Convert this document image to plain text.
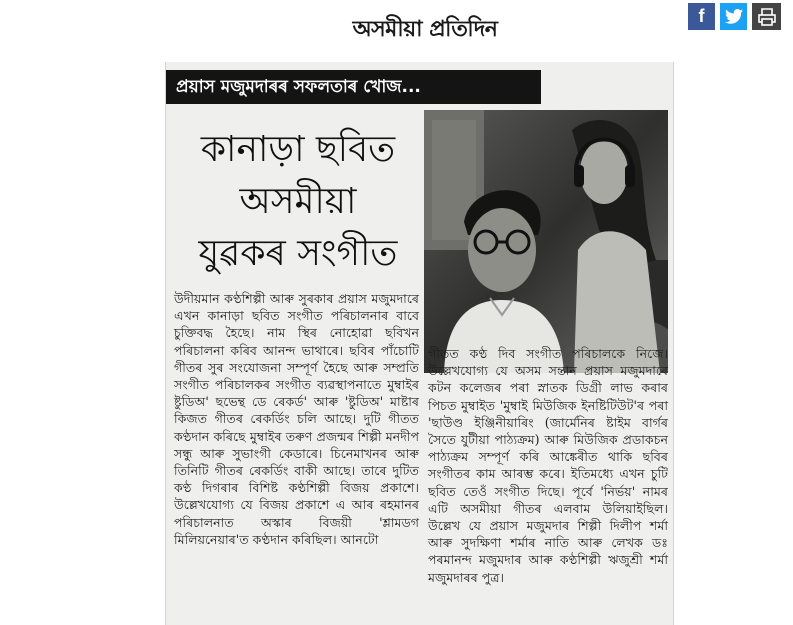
অসমীয়া প্ৰতিদিন	f
প্ৰয়াস মজুমদাৰৰ সফলতাৰ খোজ...
কানাড়া ছবিত
অসমীয়া
যুৱকৰ সংগীত

উদীয়মান কণ্ঠশিল্পী আৰু সুৰকাৰ প্ৰয়াস মজুমদাৰে এখন কানাড়া ছবিত সংগীত পৰিচালনাৰ বাবে চুক্তিবদ্ধ হৈছে। নাম স্থিৰ নোহোৱা ছবিখন পৰিচালনা কৰিব আনন্দ ভাথাৰে। ছবিৰ পাঁচোটি গীতৰ সুৰ সংযোজনা সম্পূৰ্ণ হৈছে আৰু সম্প্ৰতি সংগীত পৰিচালকৰ সংগীত ব্যৱস্থাপনাতে মুম্বাইৰ ষ্টুডিঅ' ছভেন্থ ডে ৰেকৰ্ড' আৰু 'ষ্টুডিঅ' মাষ্টাৰ কিজত গীতৰ ৰেকৰ্ডিং চলি আছে। দুটি গীতত কণ্ঠদান কৰিছে মুম্বাইৰ তৰুণ প্ৰজন্মৰ শিল্পী মনদীপ সন্ধু আৰু সুভাংগী কেডাৰে। চিনেমাখনৰ আৰু তিনিটি গীতৰ ৰেকৰ্ডিং বাকী আছে। তাৰে দুটিত কণ্ঠ দিগৰাৰ বিশিষ্ট কণ্ঠশিল্পী বিজয় প্ৰকাশে। উল্লেখযোগ্য যে বিজয় প্ৰকাশে এ আৰ ৰহমানৰ পৰিচালনাত অস্কাৰ বিজয়ী 'শ্লামডগ মিলিয়নেয়াৰ'ত কণ্ঠদান কৰিছিল। আনটো

গীতত কণ্ঠ দিব সংগীত পৰিচালকে নিজে। উল্লেখযোগ্য যে অসম সন্তান প্ৰয়াস মজুমদাৰে কটন কলেজৰ পৰা স্নাতক ডিগ্ৰী লাভ কৰাৰ পিচত মুম্বাইত 'মুম্বাই মিউজিক ইনষ্টিটিউট'ৰ পৰা 'ছাউণ্ড ইঞ্জিনীয়াৰিং (জাৰ্মেনিৰ ষ্টাইম বাৰ্গৰ সৈতে যুটীয়া পাঠ্যক্ৰম) আৰু মিউজিক প্ৰডাকচন পাঠ্যক্ৰম সম্পূৰ্ণ কৰি আঙ্কেৰীত থাকি ছবিৰ সংগীতৰ কাম আৰম্ভ কৰে। ইতিমধ্যে এখন চুটি ছবিত তেওঁ সংগীত দিছে। পূৰ্বে 'নিৰ্ভয়' নামৰ এটি অসমীয়া গীতৰ এলবাম উলিয়াইছিল। উল্লেখ যে প্ৰয়াস মজুমদাৰ শিল্পী দিলীপ শৰ্মা আৰু সুদক্ষিণা শৰ্মাৰ নাতি আৰু লেখক ডঃ পৰমানন্দ মজুমদাৰ আৰু কণ্ঠশিল্পী ঋজুশ্ৰী শৰ্মা মজুমদাৰৰ পুত্ৰ।
